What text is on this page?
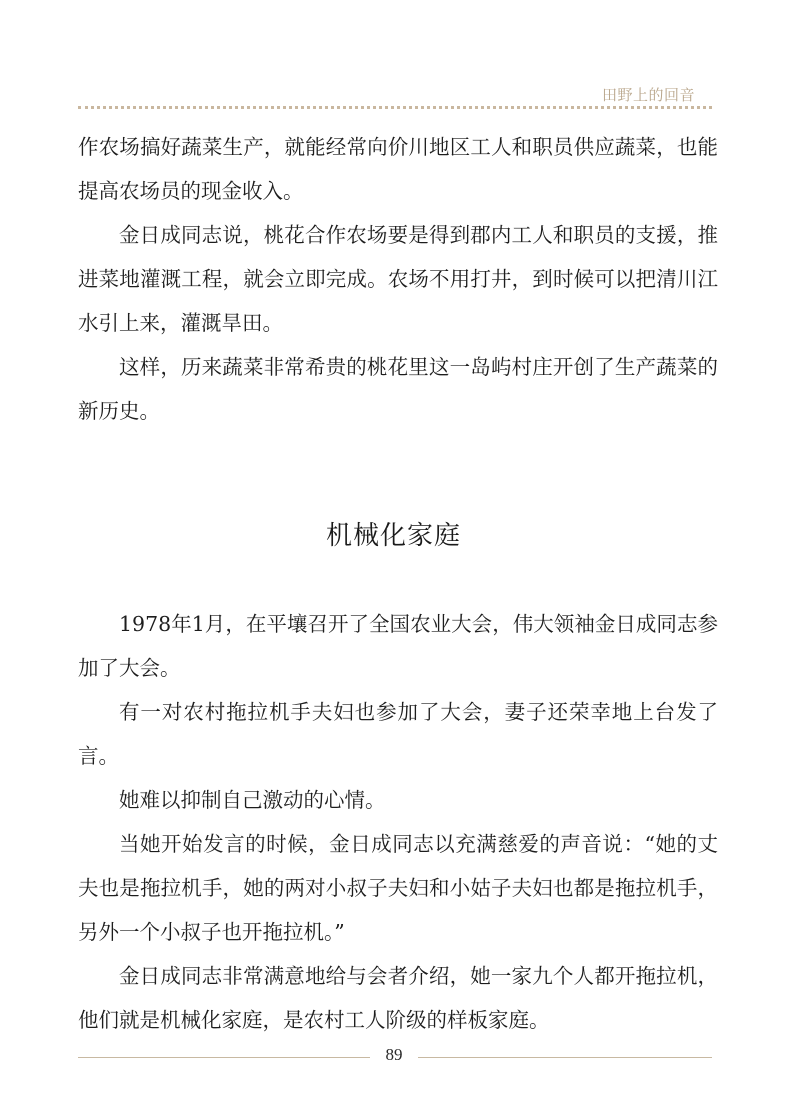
田野上的回音

作农场搞好蔬菜生产，就能经常向价川地区工人和职员供应蔬菜，也能提高农场员的现金收入。

金日成同志说，桃花合作农场要是得到郡内工人和职员的支援，推进菜地灌溉工程，就会立即完成。农场不用打井，到时候可以把清川江水引上来，灌溉旱田。

这样，历来蔬菜非常希贵的桃花里这一岛屿村庄开创了生产蔬菜的新历史。

机械化家庭

1978年1月，在平壤召开了全国农业大会，伟大领袖金日成同志参加了大会。

有一对农村拖拉机手夫妇也参加了大会，妻子还荣幸地上台发了言。

她难以抑制自己激动的心情。

当她开始发言的时候，金日成同志以充满慈爱的声音说：“她的丈夫也是拖拉机手，她的两对小叔子夫妇和小姑子夫妇也都是拖拉机手，另外一个小叔子也开拖拉机。”

金日成同志非常满意地给与会者介绍，她一家九个人都开拖拉机，他们就是机械化家庭，是农村工人阶级的样板家庭。

89
